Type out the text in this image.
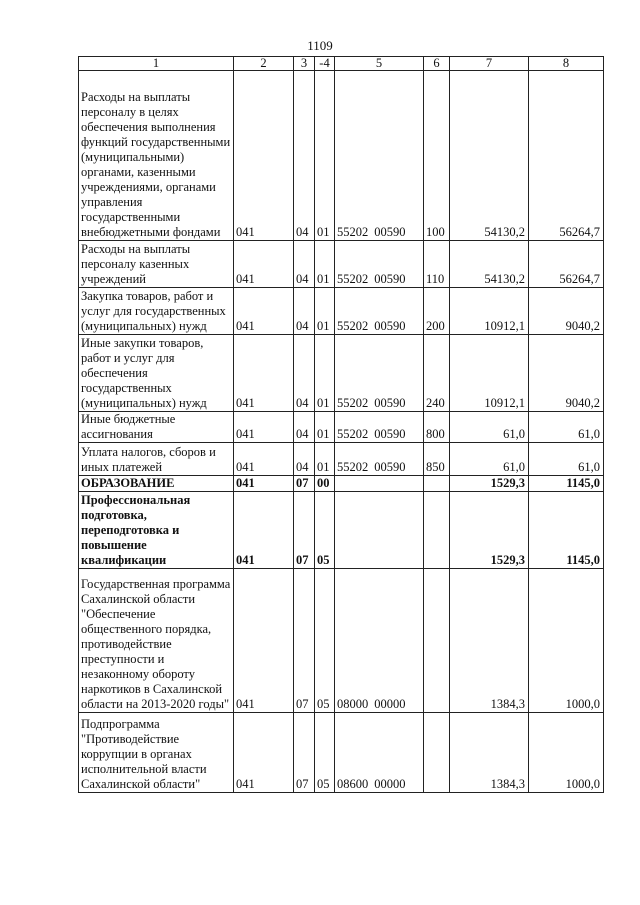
1109
1	2	3	-4	5	6	7	8
Расходы на выплаты персоналу в целях обеспечения выполнения функций государственными (муниципальными) органами, казенными учреждениями, органами управления государственными внебюджетными фондами	041	04	01	55202 00590	100	54130,2	56264,7
Расходы на выплаты персоналу казенных учреждений	041	04	01	55202 00590	110	54130,2	56264,7
Закупка товаров, работ и услуг для государственных (муниципальных) нужд	041	04	01	55202 00590	200	10912,1	9040,2
Иные закупки товаров, работ и услуг для обеспечения государственных (муниципальных) нужд	041	04	01	55202 00590	240	10912,1	9040,2
Иные бюджетные ассигнования	041	04	01	55202 00590	800	61,0	61,0
Уплата налогов, сборов и иных платежей	041	04	01	55202 00590	850	61,0	61,0
ОБРАЗОВАНИЕ	041	07	00			1529,3	1145,0
Профессиональная подготовка, переподготовка и повышение квалификации	041	07	05			1529,3	1145,0
Государственная программа Сахалинской области "Обеспечение общественного порядка, противодействие преступности и незаконному обороту наркотиков в Сахалинской области на 2013-2020 годы"	041	07	05	08000 00000		1384,3	1000,0
Подпрограмма "Противодействие коррупции в органах исполнительной власти Сахалинской области"	041	07	05	08600 00000		1384,3	1000,0
